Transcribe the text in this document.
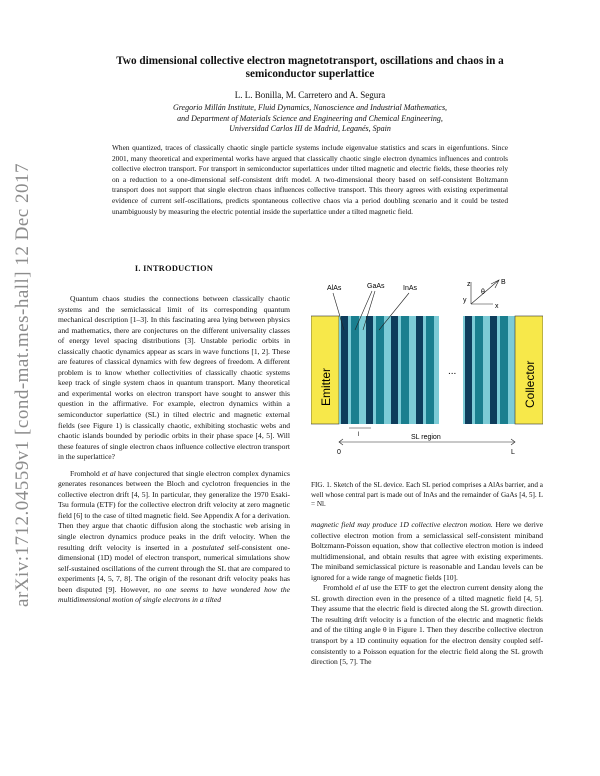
arXiv:1712.04559v1 [cond-mat.mes-hall] 12 Dec 2017
Two dimensional collective electron magnetotransport, oscillations and chaos in a
semiconductor superlattice
L. L. Bonilla, M. Carretero and A. Segura
Gregorio Millán Institute, Fluid Dynamics, Nanoscience and Industrial Mathematics,
and Department of Materials Science and Engineering and Chemical Engineering,
Universidad Carlos III de Madrid, Leganés, Spain

When quantized, traces of classically chaotic single particle systems include eigenvalue statistics and scars in eigenfuntions. Since 2001, many theoretical and experimental works have argued that classically chaotic single electron dynamics influences and controls collective electron transport. For transport in semiconductor superlattices under tilted magnetic and electric fields, these theories rely on a reduction to a one-dimensional self-consistent drift model. A two-dimensional theory based on self-consistent Boltzmann transport does not support that single electron chaos influences collective transport. This theory agrees with existing experimental evidence of current self-oscillations, predicts spontaneous collective chaos via a period doubling scenario and it could be tested unambiguously by measuring the electric potential inside the superlattice under a tilted magnetic field.

I. INTRODUCTION

Quantum chaos studies the connections between classically chaotic systems and the semiclassical limit of its corresponding quantum mechanical description [1–3]. In this fascinating area lying between physics and mathematics, there are conjectures on the different universality classes of energy level spacing distributions [3]. Unstable periodic orbits in classically chaotic dynamics appear as scars in wave functions [1, 2]. These are features of classical dynamics with few degrees of freedom. A different problem is to know whether collectivities of classically chaotic systems keep track of single system chaos in quantum transport. Many theoretical and experimental works on electron transport have sought to answer this question in the affirmative. For example, electron dynamics within a semiconductor superlattice (SL) in tilted electric and magnetic external fields (see Figure 1) is classically chaotic, exhibiting stochastic webs and chaotic islands bounded by periodic orbits in their phase space [4, 5]. Will these features of single electron chaos influence collective electron transport in the superlattice?

Fromhold et al have conjectured that single electron complex dynamics generates resonances between the Bloch and cyclotron frequencies in the collective electron drift [4, 5]. In particular, they generalize the 1970 Esaki-Tsu formula (ETF) for the collective electron drift velocity at zero magnetic field [6] to the case of tilted magnetic field. See Appendix A for a derivation. Then they argue that chaotic diffusion along the stochastic web arising in single electron dynamics produce peaks in the drift velocity. When the resulting drift velocity is inserted in a postulated self-consistent one-dimensional (1D) model of electron transport, numerical simulations show self-sustained oscillations of the current through the SL that are compared to experiments [4, 5, 7, 8]. The origin of the resonant drift velocity peaks has been disputed [9]. However, no one seems to have wondered how the multidimensional motion of single electrons in a tilted

...
Emitter	Collector
AlAs	GaAs	InAs
x
y
z	B
θ
l	SL region
0	L

FIG. 1. Sketch of the SL device. Each SL period comprises a AlAs barrier, and a well whose central part is made out of InAs and the remainder of GaAs [4, 5]. L = Nl.

magnetic field may produce 1D collective electron motion. Here we derive collective electron motion from a semiclassical self-consistent miniband Boltzmann-Poisson equation, show that collective electron motion is indeed multidimensional, and obtain results that agree with existing experiments. The miniband semiclassical picture is reasonable and Landau levels can be ignored for a wide range of magnetic fields [10].

Fromhold el al use the ETF to get the electron current density along the SL growth direction even in the presence of a tilted magnetic field [4, 5]. They assume that the electric field is directed along the SL growth direction. The resulting drift velocity is a function of the electric and magnetic fields and of the tilting angle θ in Figure 1. Then they describe collective electron transport by a 1D continuity equation for the electron density coupled self-consistently to a Poisson equation for the electric field along the SL growth direction [5, 7]. The
